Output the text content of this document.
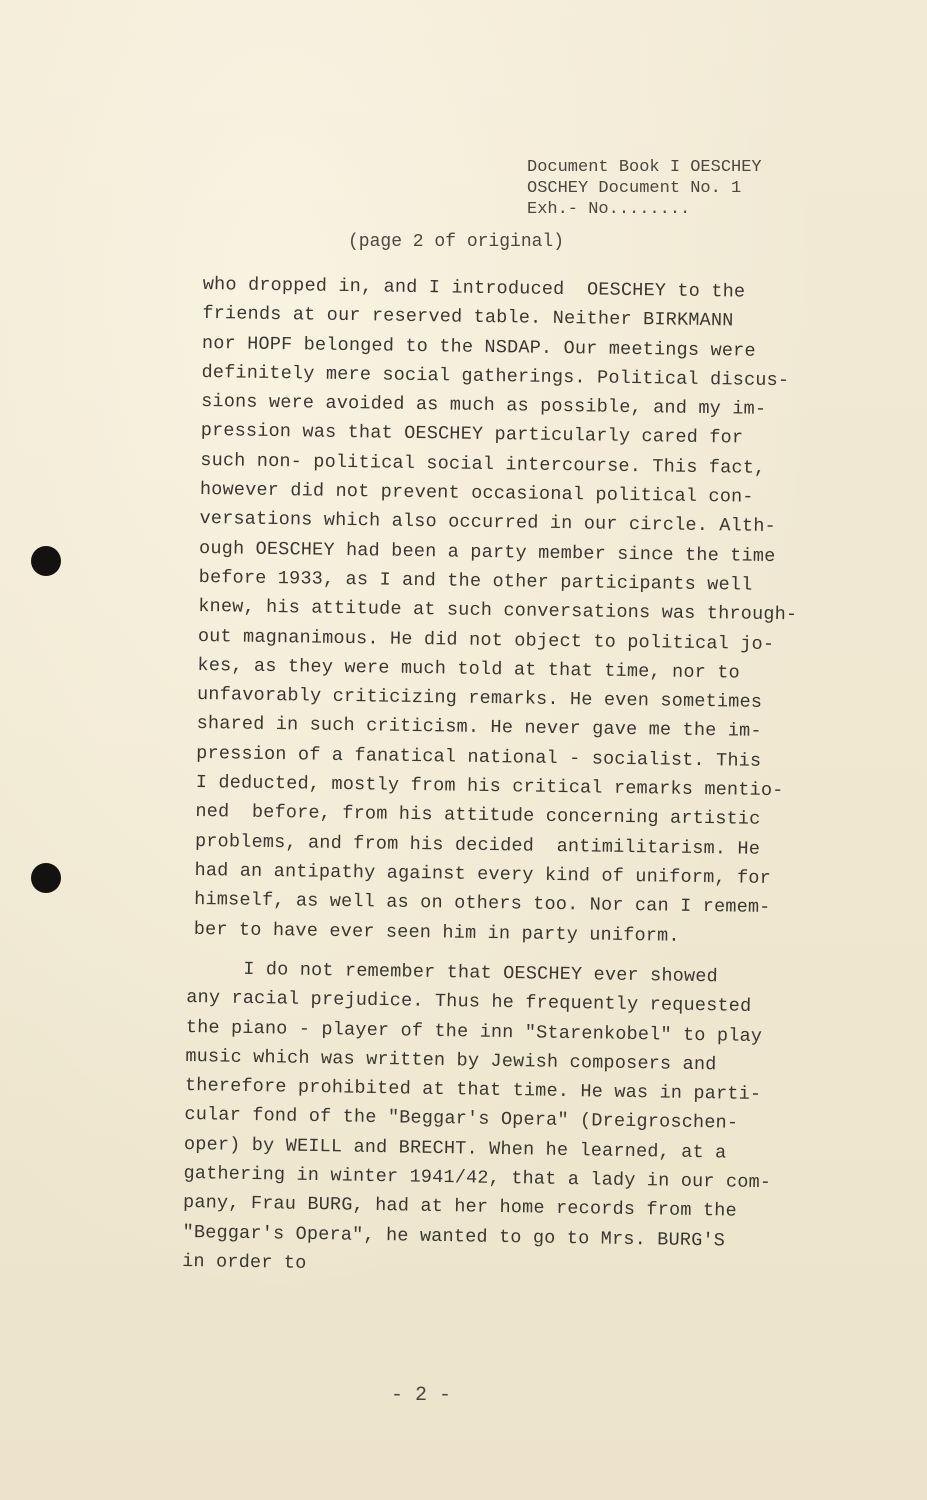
Document Book I OESCHEY
OSCHEY Document No. 1
Exh.- No........
(page 2 of original)
who dropped in, and I introduced  OESCHEY to the
friends at our reserved table. Neither BIRKMANN
nor HOPF belonged to the NSDAP. Our meetings were
definitely mere social gatherings. Political discus-
sions were avoided as much as possible, and my im-
pression was that OESCHEY particularly cared for
such non- political social intercourse. This fact,
however did not prevent occasional political con-
versations which also occurred in our circle. Alth-
ough OESCHEY had been a party member since the time
before 1933, as I and the other participants well
knew, his attitude at such conversations was through-
out magnanimous. He did not object to political jo-
kes, as they were much told at that time, nor to
unfavorably criticizing remarks. He even sometimes
shared in such criticism. He never gave me the im-
pression of a fanatical national - socialist. This
I deducted, mostly from his critical remarks mentio-
ned  before, from his attitude concerning artistic
problems, and from his decided  antimilitarism. He
had an antipathy against every kind of uniform, for
himself, as well as on others too. Nor can I remem-
ber to have ever seen him in party uniform.
I do not remember that OESCHEY ever showed
any racial prejudice. Thus he frequently requested
the piano - player of the inn "Starenkobel" to play
music which was written by Jewish composers and
therefore prohibited at that time. He was in parti-
cular fond of the "Beggar's Opera" (Dreigroschen-
oper) by WEILL and BRECHT. When he learned, at a
gathering in winter 1941/42, that a lady in our com-
pany, Frau BURG, had at her home records from the
"Beggar's Opera", he wanted to go to Mrs. BURG'S
in order to
- 2 -
